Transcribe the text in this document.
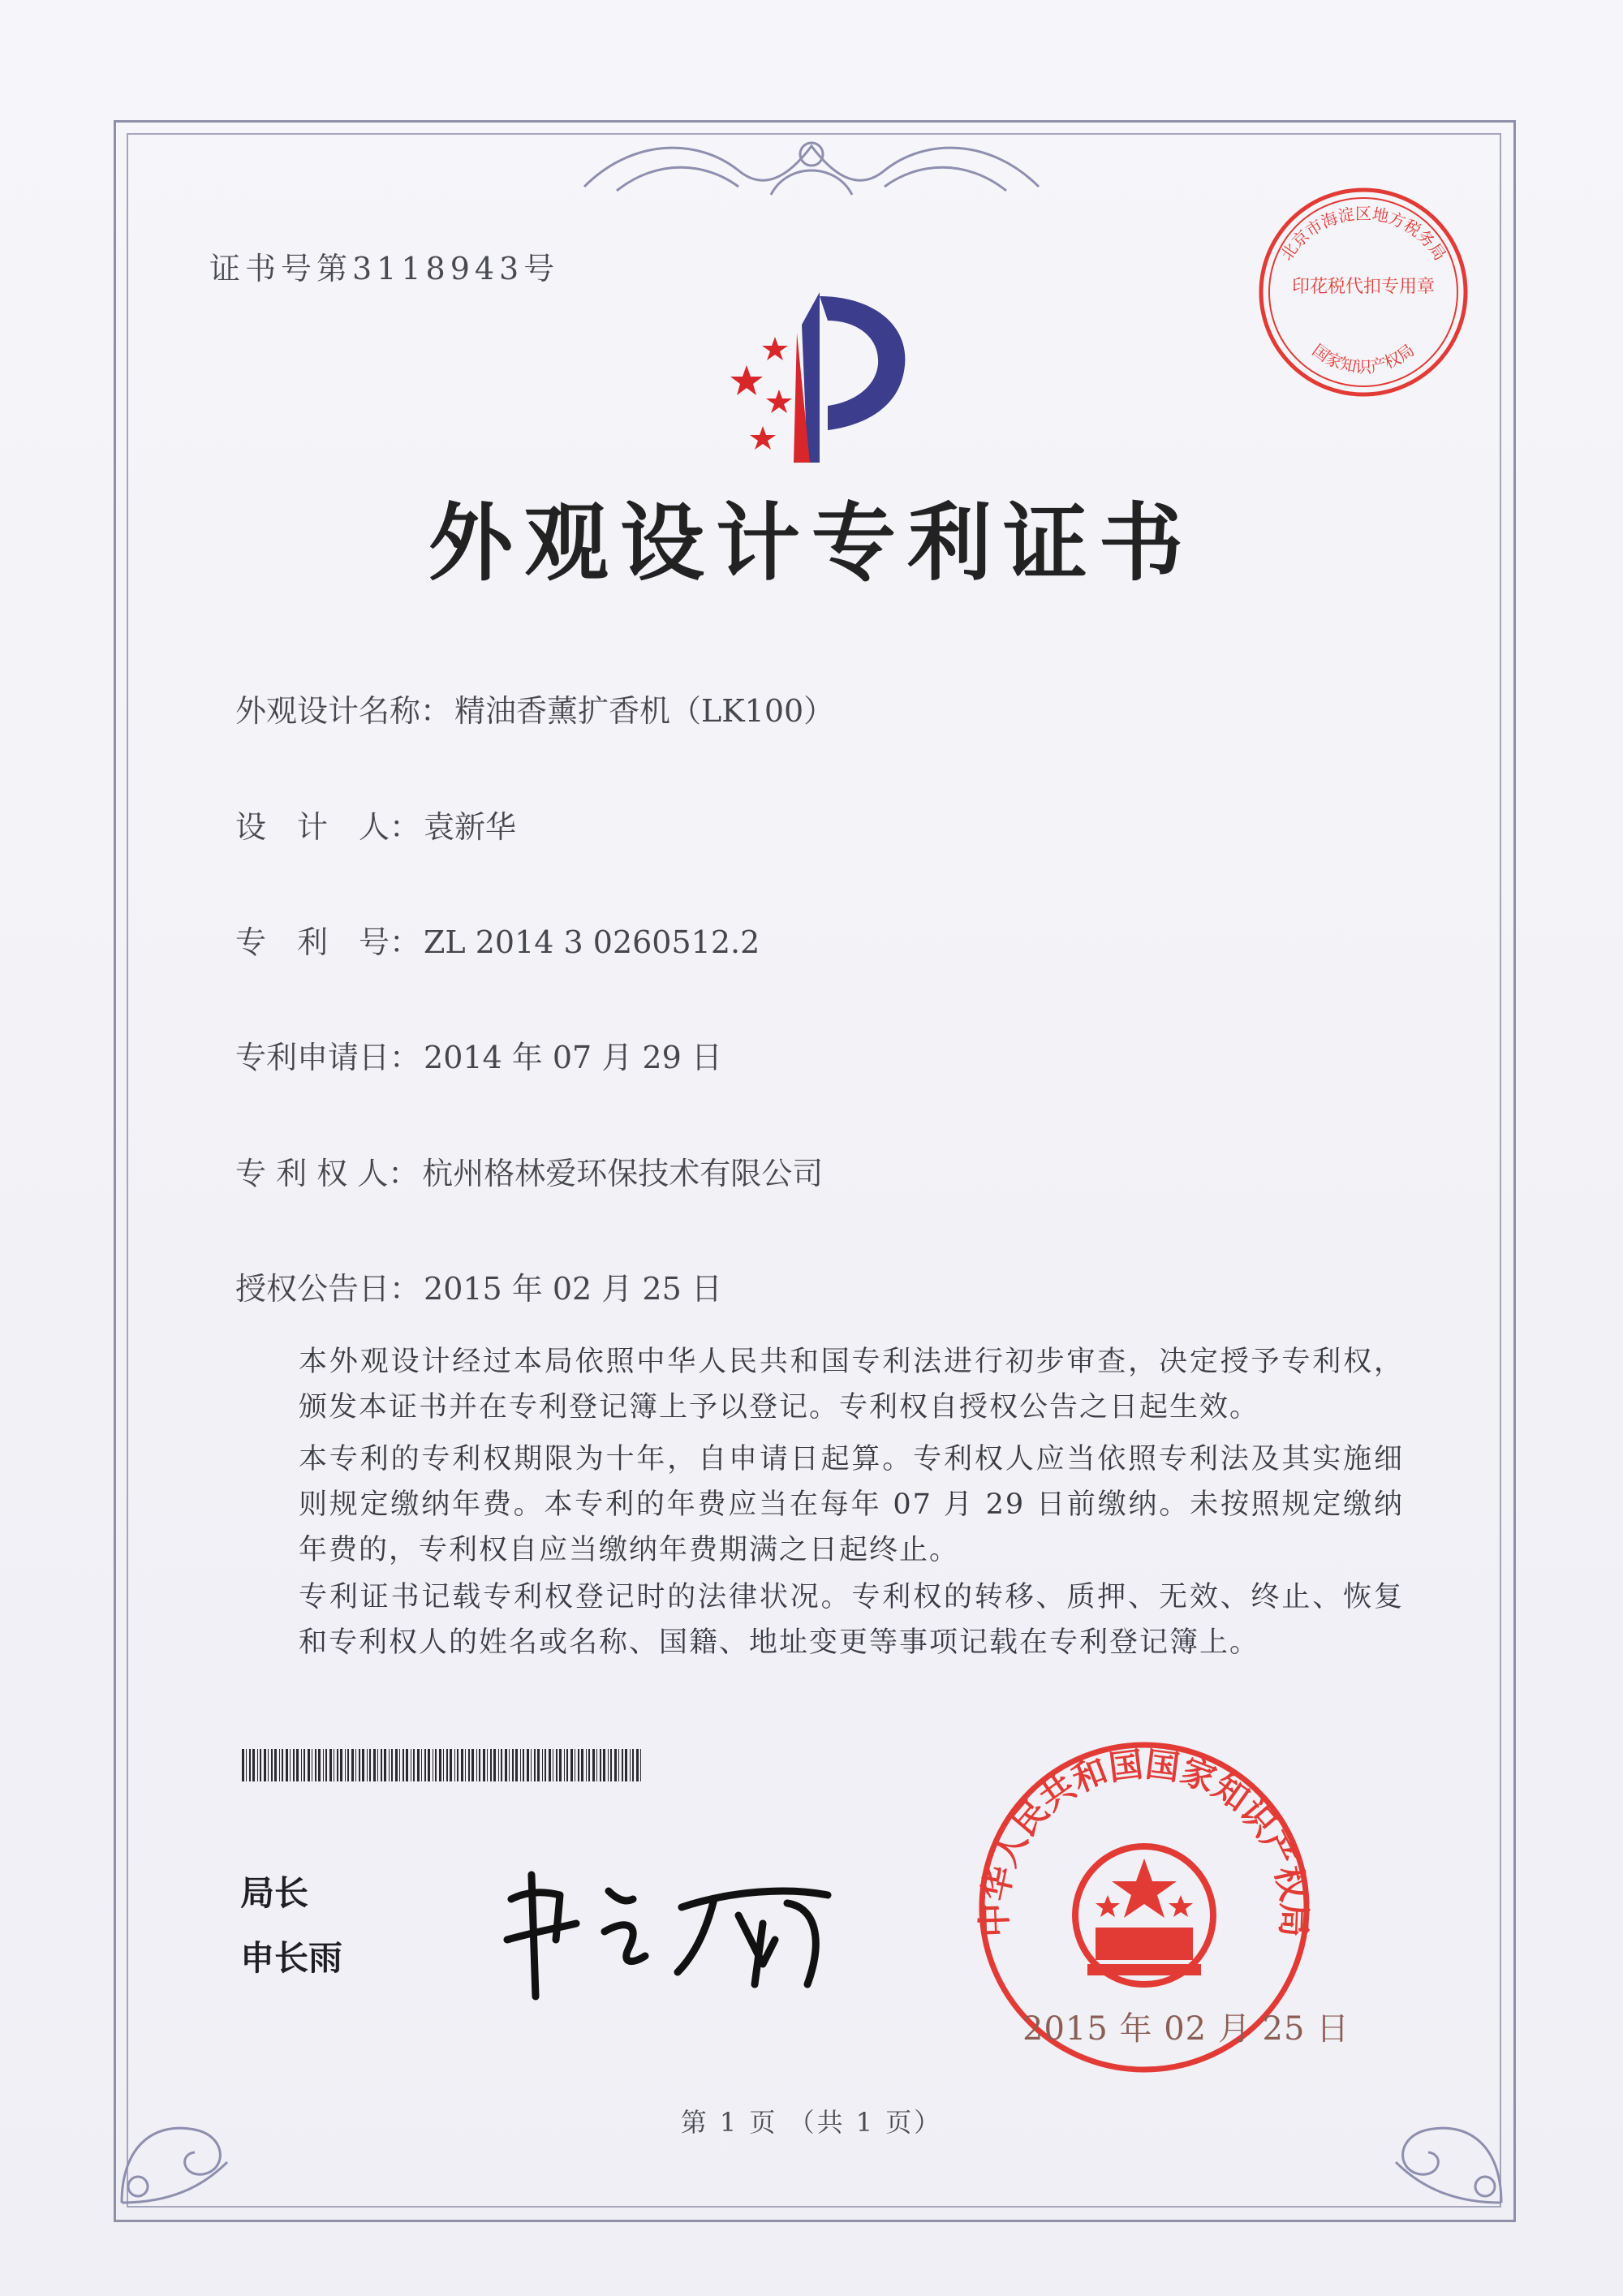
证书号第3118943号
外观设计专利证书
外观设计名称： 精油香薰扩香机（LK100）
设　计　人： 袁新华
专　利　号： ZL 2014 3 0260512.2
专利申请日： 2014 年 07 月 29 日
专 利 权 人： 杭州格林爱环保技术有限公司
授权公告日： 2015 年 02 月 25 日
本外观设计经过本局依照中华人民共和国专利法进行初步审查，决定授予专利权，颁发本证书并在专利登记簿上予以登记。专利权自授权公告之日起生效。
本专利的专利权期限为十年，自申请日起算。专利权人应当依照专利法及其实施细则规定缴纳年费。本专利的年费应当在每年 07 月 29 日前缴纳。未按照规定缴纳年费的，专利权自应当缴纳年费期满之日起终止。
专利证书记载专利权登记时的法律状况。专利权的转移、质押、无效、终止、恢复和专利权人的姓名或名称、国籍、地址变更等事项记载在专利登记簿上。
局长
申长雨
北京市海淀区地方税务局
印花税代扣专用章
国家知识产权局
中华人民共和国国家知识产权局
2015 年 02 月 25 日
第 1 页 （共 1 页）
